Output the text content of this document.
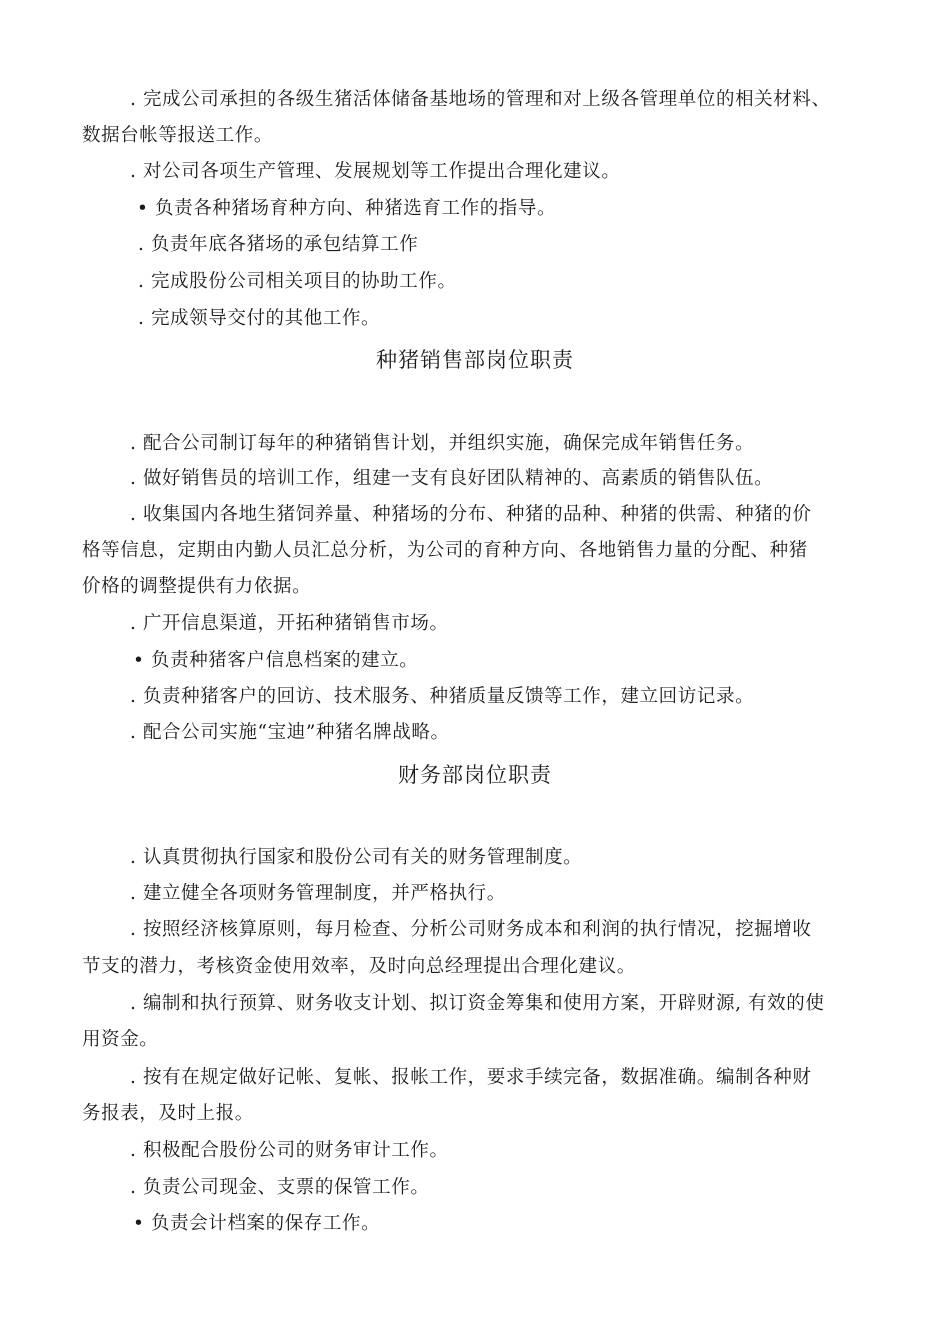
. 完成公司承担的各级生猪活体储备基地场的管理和对上级各管理单位的相关材料、
数据台帐等报送工作。
. 对公司各项生产管理、发展规划等工作提出合理化建议。
• 负责各种猪场育种方向、种猪选育工作的指导。
. 负责年底各猪场的承包结算工作
. 完成股份公司相关项目的协助工作。
. 完成领导交付的其他工作。
种猪销售部岗位职责
. 配合公司制订每年的种猪销售计划，并组织实施，确保完成年销售任务。
. 做好销售员的培训工作，组建一支有良好团队精神的、高素质的销售队伍。
. 收集国内各地生猪饲养量、种猪场的分布、种猪的品种、种猪的供需、种猪的价
格等信息，定期由内勤人员汇总分析，为公司的育种方向、各地销售力量的分配、种猪
价格的调整提供有力依据。
. 广开信息渠道，开拓种猪销售市场。
• 负责种猪客户信息档案的建立。
. 负责种猪客户的回访、技术服务、种猪质量反馈等工作，建立回访记录。
. 配合公司实施“宝迪”种猪名牌战略。
财务部岗位职责
. 认真贯彻执行国家和股份公司有关的财务管理制度。
. 建立健全各项财务管理制度，并严格执行。
. 按照经济核算原则，每月检查、分析公司财务成本和利润的执行情况，挖掘增收
节支的潜力，考核资金使用效率，及时向总经理提出合理化建议。
. 编制和执行预算、财务收支计划、拟订资金筹集和使用方案，开辟财源, 有效的使
用资金。
. 按有在规定做好记帐、复帐、报帐工作，要求手续完备，数据准确。编制各种财
务报表，及时上报。
. 积极配合股份公司的财务审计工作。
. 负责公司现金、支票的保管工作。
• 负责会计档案的保存工作。
